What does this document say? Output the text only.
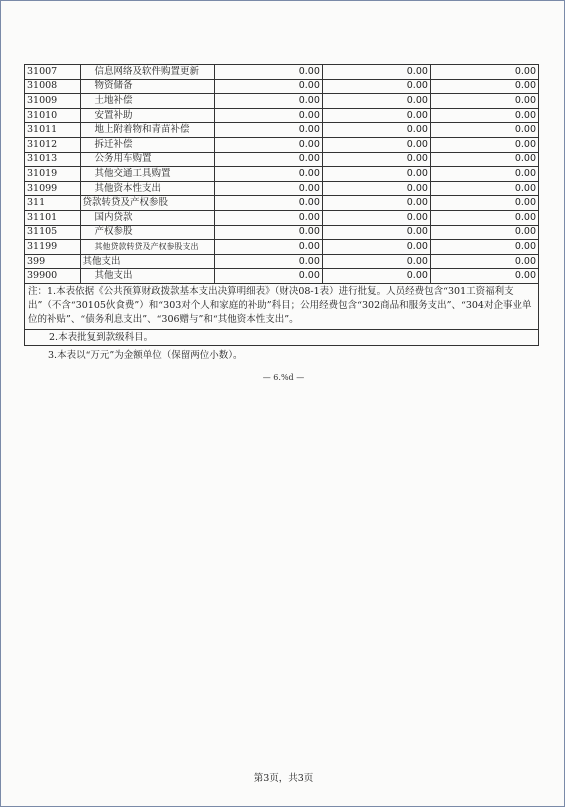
31007	信息网络及软件购置更新	0.00	0.00	0.00
31008	物资储备	0.00	0.00	0.00
31009	土地补偿	0.00	0.00	0.00
31010	安置补助	0.00	0.00	0.00
31011	地上附着物和青苗补偿	0.00	0.00	0.00
31012	拆迁补偿	0.00	0.00	0.00
31013	公务用车购置	0.00	0.00	0.00
31019	其他交通工具购置	0.00	0.00	0.00
31099	其他资本性支出	0.00	0.00	0.00
311	贷款转贷及产权参股	0.00	0.00	0.00
31101	国内贷款	0.00	0.00	0.00
31105	产权参股	0.00	0.00	0.00
31199	其他贷款转贷及产权参股支出	0.00	0.00	0.00
399	其他支出	0.00	0.00	0.00
39900	其他支出	0.00	0.00	0.00
注：1.本表依据《公共预算财政拨款基本支出决算明细表》（财决08-1表）进行批复。人员经费包含“301工资福利支出”（不含“30105伙食费”）和“303对个人和家庭的补助”科目；公用经费包含“302商品和服务支出”、“304对企事业单位的补贴”、“债务利息支出”、“306赠与”和“其他资本性支出”。
2.本表批复到款级科目。
3.本表以“万元”为金额单位（保留两位小数）。
— 6.%d —
第3页，共3页
